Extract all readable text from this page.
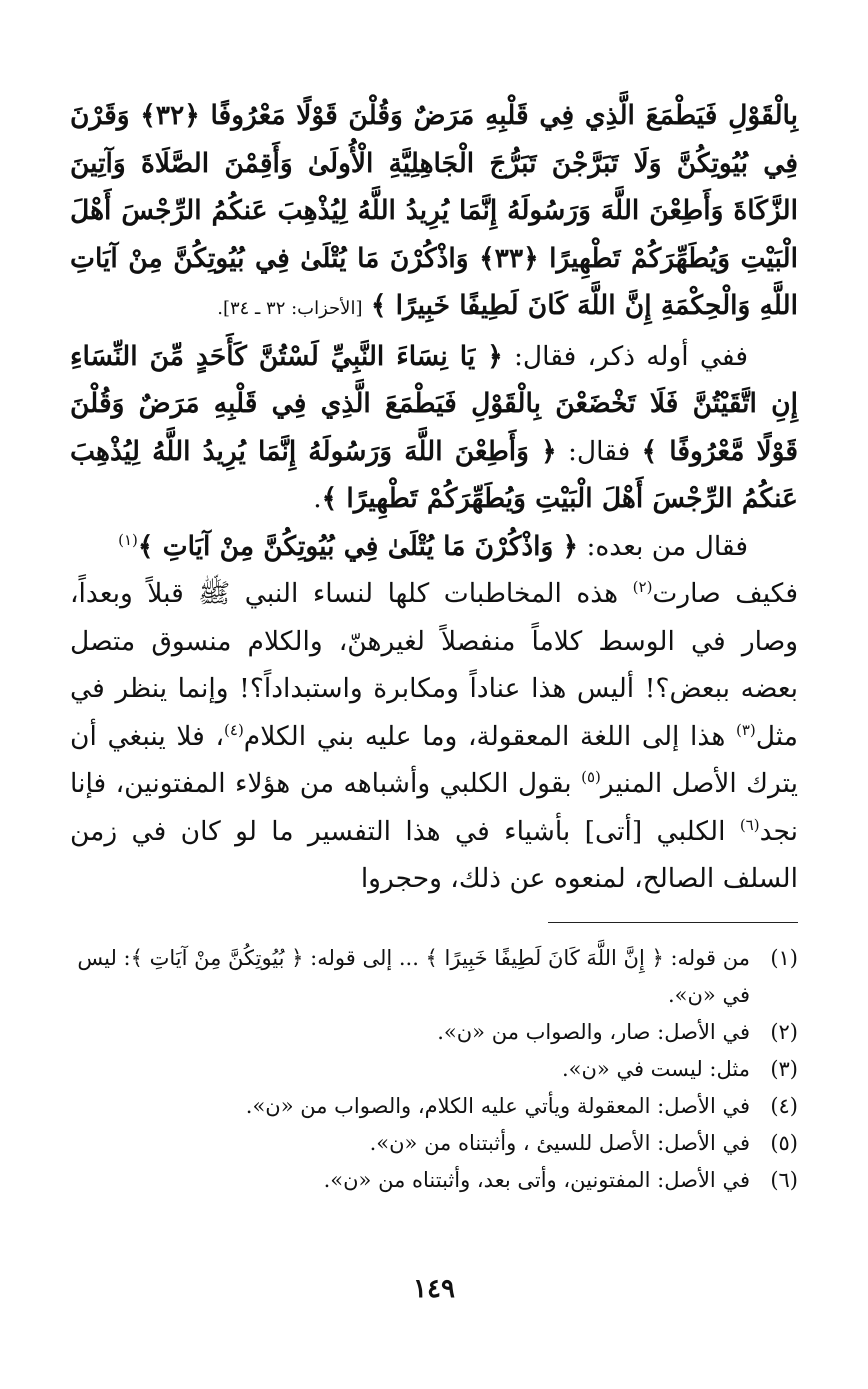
بِالْقَوْلِ فَيَطْمَعَ الَّذِي فِي قَلْبِهِ مَرَضٌ وَقُلْنَ قَوْلًا مَعْرُوفًا ﴿٣٢﴾ وَقَرْنَ فِي بُيُوتِكُنَّ وَلَا تَبَرَّجْنَ تَبَرُّجَ الْجَاهِلِيَّةِ الْأُولَىٰ وَأَقِمْنَ الصَّلَاةَ وَآتِينَ الزَّكَاةَ وَأَطِعْنَ اللَّهَ وَرَسُولَهُ إِنَّمَا يُرِيدُ اللَّهُ لِيُذْهِبَ عَنكُمُ الرِّجْسَ أَهْلَ الْبَيْتِ وَيُطَهِّرَكُمْ تَطْهِيرًا ﴿٣٣﴾ وَاذْكُرْنَ مَا يُتْلَىٰ فِي بُيُوتِكُنَّ مِنْ آيَاتِ اللَّهِ وَالْحِكْمَةِ إِنَّ اللَّهَ كَانَ لَطِيفًا خَبِيرًا ﴾ [الأحزاب: ٣٢ ـ ٣٤].

ففي أوله ذكر، فقال: ﴿ يَا نِسَاءَ النَّبِيِّ لَسْتُنَّ كَأَحَدٍ مِّنَ النِّسَاءِ إِنِ اتَّقَيْتُنَّ فَلَا تَخْضَعْنَ بِالْقَوْلِ فَيَطْمَعَ الَّذِي فِي قَلْبِهِ مَرَضٌ وَقُلْنَ قَوْلًا مَّعْرُوفًا ﴾ فقال: ﴿ وَأَطِعْنَ اللَّهَ وَرَسُولَهُ إِنَّمَا يُرِيدُ اللَّهُ لِيُذْهِبَ عَنكُمُ الرِّجْسَ أَهْلَ الْبَيْتِ وَيُطَهِّرَكُمْ تَطْهِيرًا ﴾.

فقال من بعده: ﴿ وَاذْكُرْنَ مَا يُتْلَىٰ فِي بُيُوتِكُنَّ مِنْ آيَاتِ ﴾$^{(١)}$

فكيف صارت$^{(٢)}$ هذه المخاطبات كلها لنساء النبي ﷺ قبلاً وبعداً، وصار في الوسط كلاماً منفصلاً لغيرهنّ، والكلام منسوق متصل بعضه ببعض؟! أليس هذا عناداً ومكابرة واستبداداً؟! وإنما ينظر في مثل$^{(٣)}$ هذا إلى اللغة المعقولة، وما عليه بني الكلام$^{(٤)}$، فلا ينبغي أن يترك الأصل المنير$^{(٥)}$ بقول الكلبي وأشباهه من هؤلاء المفتونين، فإنا نجد$^{(٦)}$ الكلبي [أتى] بأشياء في هذا التفسير ما لو كان في زمن السلف الصالح، لمنعوه عن ذلك، وحجروا

(١)
من قوله: ﴿ إِنَّ اللَّهَ كَانَ لَطِيفًا خَبِيرًا ﴾ ... إلى قوله: ﴿ بُيُوتِكُنَّ مِنْ آيَاتِ ﴾: ليس في «ن».
(٢)
في الأصل: صار، والصواب من «ن».
(٣)
مثل: ليست في «ن».
(٤)
في الأصل: المعقولة ويأتي عليه الكلام، والصواب من «ن».
(٥)
في الأصل: الأصل للسيئ ، وأثبتناه من «ن».
(٦)
في الأصل: المفتونين، وأتى بعد، وأثبتناه من «ن».
١٤٩
